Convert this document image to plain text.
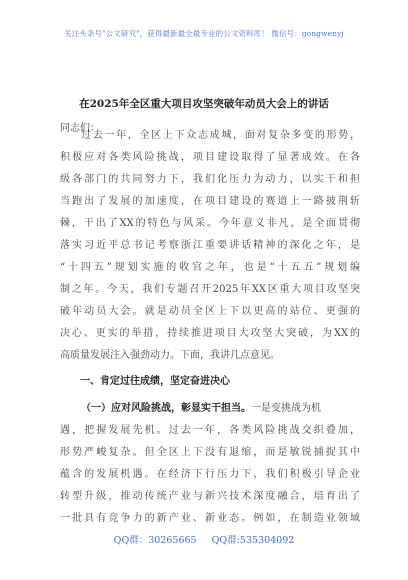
关注头条号"公文研究"，获得最新最全最专业的公文资料库！ 微信号：gongwenyj
在2025年全区重大项目攻坚突破年动员大会上的讲话
同志们：
过去一年，全区上下众志成城，面对复杂多变的形势，
积极应对各类风险挑战，项目建设取得了显著成效。在各
级各部门的共同努力下，我们化压力为动力，以实干和担
当跑出了发展的加速度，在项目建设的赛道上一路披荆斩
棘，干出了XX的特色与风采。今年意义非凡，是全面贯彻
落实习近平总书记考察浙江重要讲话精神的深化之年，是
“十四五”规划实施的收官之年，也是“十五五”规划编
制之年。今天，我们专题召开2025年XX区重大项目攻坚突
破年动员大会。就是动员全区上下以更高的站位、更强的
决心、更实的举措，持续推进项目大攻坚大突破，为XX的
高质量发展注入强劲动力。下面，我讲几点意见。
一、肯定过往成绩，坚定奋进决心
（一）应对风险挑战，彰显实干担当。一是变挑战为机
遇，把握发展先机。过去一年，各类风险挑战交织叠加，
形势严峻复杂。但全区上下没有退缩，而是敏锐捕捉其中
蕴含的发展机遇。在经济下行压力下，我们积极引导企业
转型升级，推动传统产业与新兴技术深度融合，培育出了
一批具有竞争力的新产业、新业态。例如，在制造业领域
QQ群：30265665 QQ群:535304092
